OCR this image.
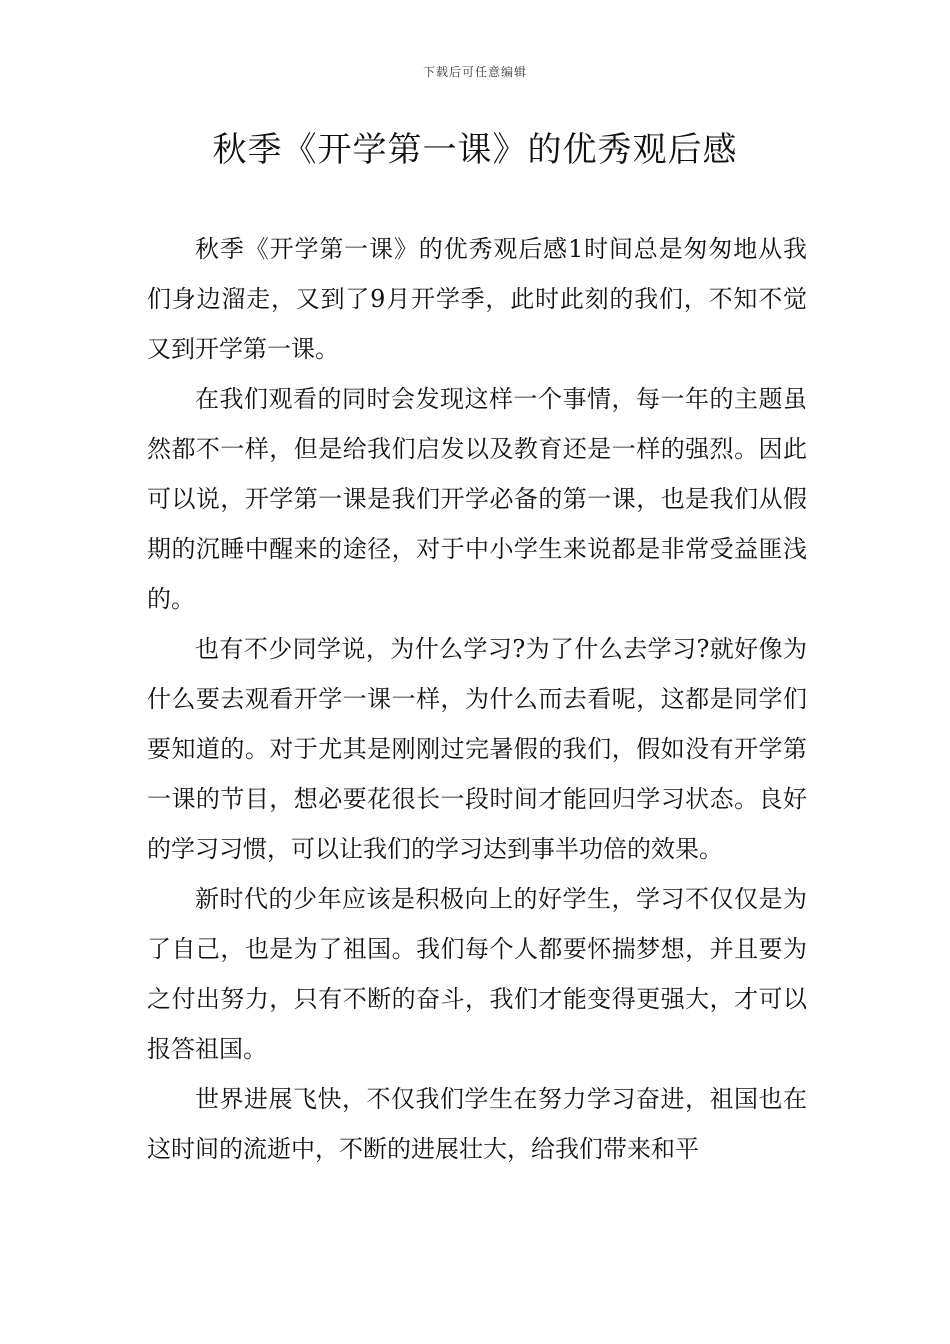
下载后可任意编辑
秋季《开学第一课》的优秀观后感

秋季《开学第一课》的优秀观后感1时间总是匆匆地从我们身边溜走，又到了9月开学季，此时此刻的我们，不知不觉又到开学第一课。

在我们观看的同时会发现这样一个事情，每一年的主题虽然都不一样，但是给我们启发以及教育还是一样的强烈。因此可以说，开学第一课是我们开学必备的第一课，也是我们从假期的沉睡中醒来的途径，对于中小学生来说都是非常受益匪浅的。

也有不少同学说，为什么学习?为了什么去学习?就好像为什么要去观看开学一课一样，为什么而去看呢，这都是同学们要知道的。对于尤其是刚刚过完暑假的我们，假如没有开学第一课的节目，想必要花很长一段时间才能回归学习状态。良好的学习习惯，可以让我们的学习达到事半功倍的效果。

新时代的少年应该是积极向上的好学生，学习不仅仅是为了自己，也是为了祖国。我们每个人都要怀揣梦想，并且要为之付出努力，只有不断的奋斗，我们才能变得更强大，才可以报答祖国。

世界进展飞快，不仅我们学生在努力学习奋进，祖国也在这时间的流逝中，不断的进展壮大，给我们带来和平
